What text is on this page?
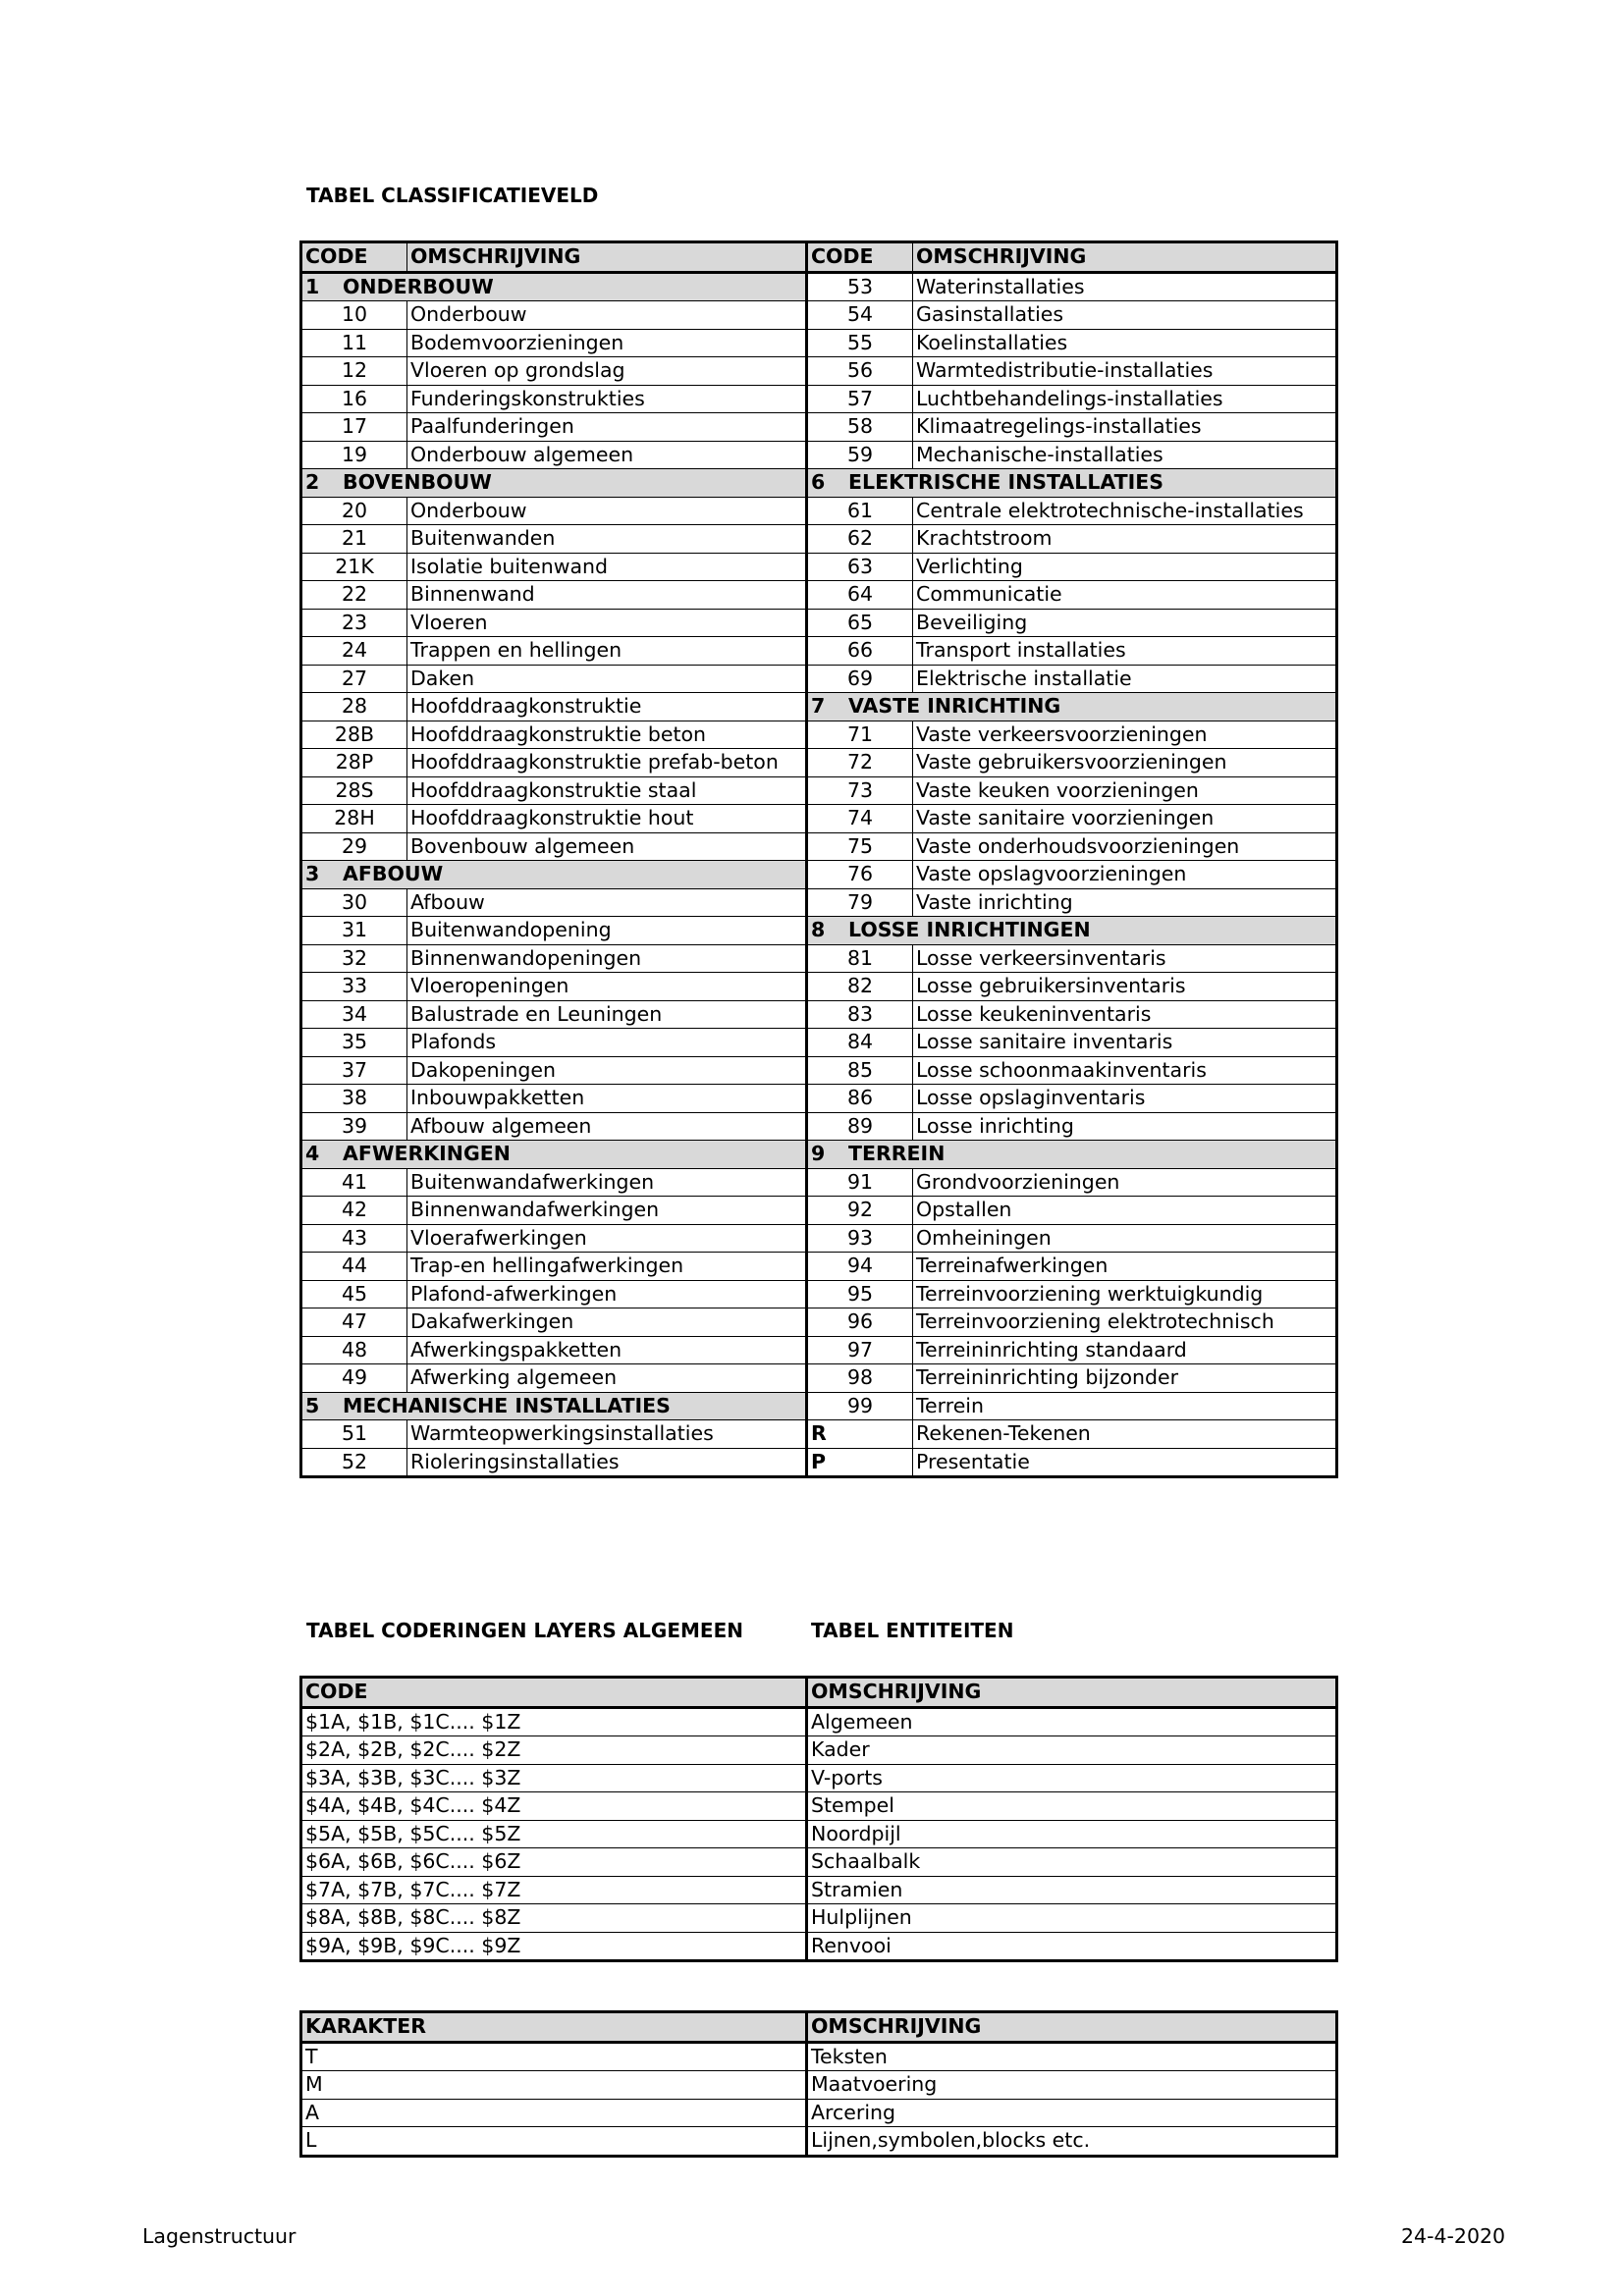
TABEL CLASSIFICATIEVELD
CODE	OMSCHRIJVING	CODE	OMSCHRIJVING
1 ONDERBOUW		53	Waterinstallaties
10	Onderbouw	54	Gasinstallaties
11	Bodemvoorzieningen	55	Koelinstallaties
12	Vloeren op grondslag	56	Warmtedistributie-installaties
16	Funderingskonstrukties	57	Luchtbehandelings-installaties
17	Paalfunderingen	58	Klimaatregelings-installaties
19	Onderbouw algemeen	59	Mechanische-installaties
2 BOVENBOUW		6 ELEKTRISCHE INSTALLATIES	
20	Onderbouw	61	Centrale elektrotechnische-installaties
21	Buitenwanden	62	Krachtstroom
21K	Isolatie buitenwand	63	Verlichting
22	Binnenwand	64	Communicatie
23	Vloeren	65	Beveiliging
24	Trappen en hellingen	66	Transport installaties
27	Daken	69	Elektrische installatie
28	Hoofddraagkonstruktie	7 VASTE INRICHTING	
28B	Hoofddraagkonstruktie beton	71	Vaste verkeersvoorzieningen
28P	Hoofddraagkonstruktie prefab-beton	72	Vaste gebruikersvoorzieningen
28S	Hoofddraagkonstruktie staal	73	Vaste keuken voorzieningen
28H	Hoofddraagkonstruktie hout	74	Vaste sanitaire voorzieningen
29	Bovenbouw algemeen	75	Vaste onderhoudsvoorzieningen
3 AFBOUW		76	Vaste opslagvoorzieningen
30	Afbouw	79	Vaste inrichting
31	Buitenwandopening	8 LOSSE INRICHTINGEN	
32	Binnenwandopeningen	81	Losse verkeersinventaris
33	Vloeropeningen	82	Losse gebruikersinventaris
34	Balustrade en Leuningen	83	Losse keukeninventaris
35	Plafonds	84	Losse sanitaire inventaris
37	Dakopeningen	85	Losse schoonmaakinventaris
38	Inbouwpakketten	86	Losse opslaginventaris
39	Afbouw algemeen	89	Losse inrichting
4 AFWERKINGEN		9 TERREIN	
41	Buitenwandafwerkingen	91	Grondvoorzieningen
42	Binnenwandafwerkingen	92	Opstallen
43	Vloerafwerkingen	93	Omheiningen
44	Trap-en hellingafwerkingen	94	Terreinafwerkingen
45	Plafond-afwerkingen	95	Terreinvoorziening werktuigkundig
47	Dakafwerkingen	96	Terreinvoorziening elektrotechnisch
48	Afwerkingspakketten	97	Terreininrichting standaard
49	Afwerking algemeen	98	Terreininrichting bijzonder
5 MECHANISCHE INSTALLATIES		99	Terrein
51	Warmteopwerkingsinstallaties	R	Rekenen-Tekenen
52	Rioleringsinstallaties	P	Presentatie
TABEL CODERINGEN LAYERS ALGEMEEN	TABEL ENTITEITEN
CODE	OMSCHRIJVING
$1A, $1B, $1C.... $1Z	Algemeen
$2A, $2B, $2C.... $2Z	Kader
$3A, $3B, $3C.... $3Z	V-ports
$4A, $4B, $4C.... $4Z	Stempel
$5A, $5B, $5C.... $5Z	Noordpijl
$6A, $6B, $6C.... $6Z	Schaalbalk
$7A, $7B, $7C.... $7Z	Stramien
$8A, $8B, $8C.... $8Z	Hulplijnen
$9A, $9B, $9C.... $9Z	Renvooi
KARAKTER	OMSCHRIJVING
T	Teksten
M	Maatvoering
A	Arcering
L	Lijnen,symbolen,blocks etc.
Lagenstructuur	24-4-2020
